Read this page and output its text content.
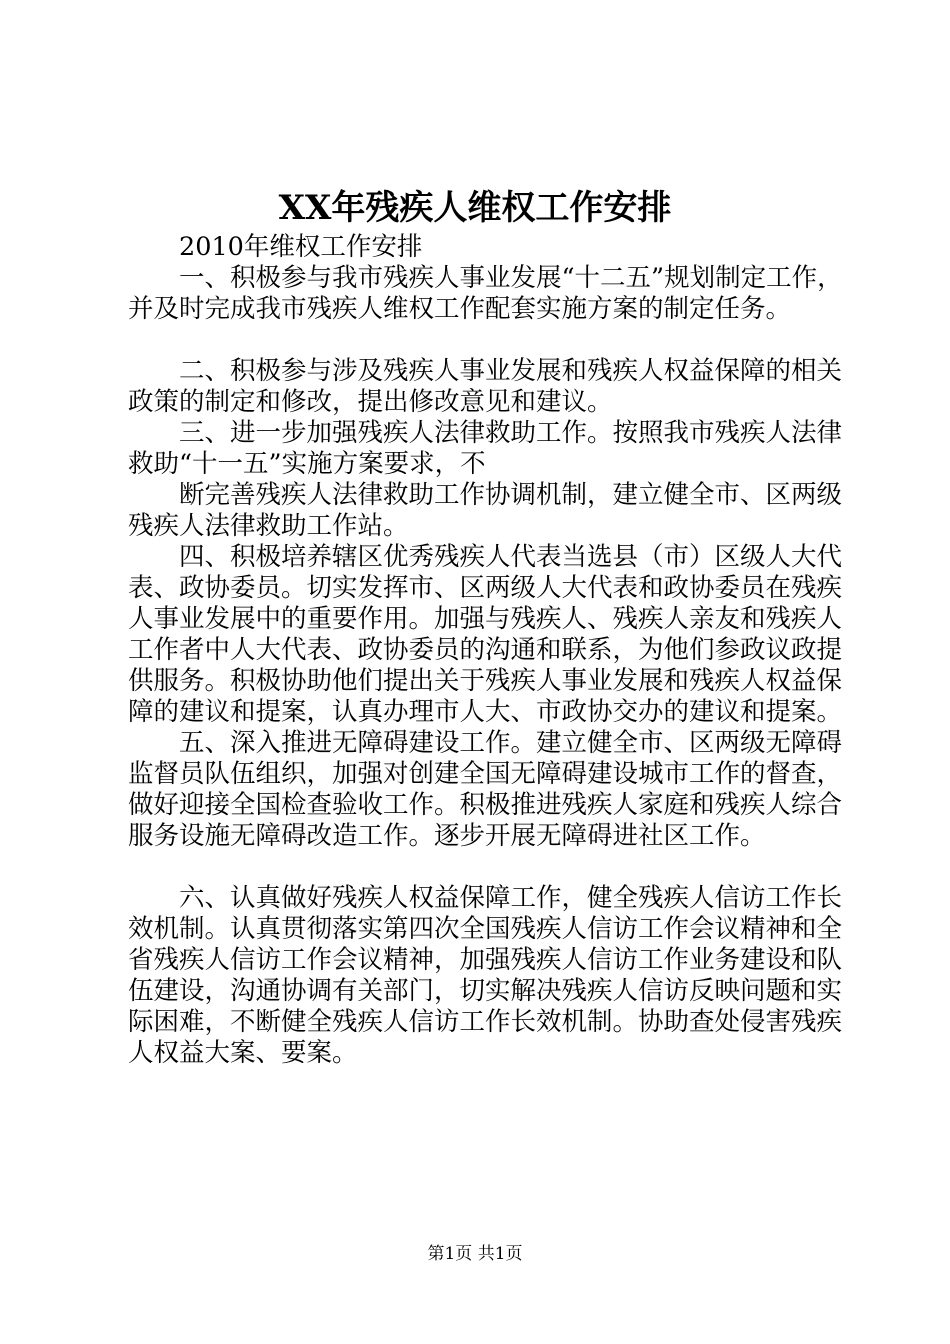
XX年残疾人维权工作安排

2010年维权工作安排

一、积极参与我市残疾人事业发展“十二五”规划制定工作，并及时完成我市残疾人维权工作配套实施方案的制定任务。

二、积极参与涉及残疾人事业发展和残疾人权益保障的相关政策的制定和修改，提出修改意见和建议。

三、进一步加强残疾人法律救助工作。按照我市残疾人法律救助“十一五”实施方案要求，不

断完善残疾人法律救助工作协调机制，建立健全市、区两级残疾人法律救助工作站。

四、积极培养辖区优秀残疾人代表当选县（市）区级人大代表、政协委员。切实发挥市、区两级人大代表和政协委员在残疾人事业发展中的重要作用。加强与残疾人、残疾人亲友和残疾人工作者中人大代表、政协委员的沟通和联系，为他们参政议政提供服务。积极协助他们提出关于残疾人事业发展和残疾人权益保障的建议和提案，认真办理市人大、市政协交办的建议和提案。

五、深入推进无障碍建设工作。建立健全市、区两级无障碍监督员队伍组织，加强对创建全国无障碍建设城市工作的督查，做好迎接全国检查验收工作。积极推进残疾人家庭和残疾人综合服务设施无障碍改造工作。逐步开展无障碍进社区工作。

六、认真做好残疾人权益保障工作，健全残疾人信访工作长效机制。认真贯彻落实第四次全国残疾人信访工作会议精神和全省残疾人信访工作会议精神，加强残疾人信访工作业务建设和队伍建设，沟通协调有关部门，切实解决残疾人信访反映问题和实际困难，不断健全残疾人信访工作长效机制。协助查处侵害残疾人权益大案、要案。

第1页 共1页
